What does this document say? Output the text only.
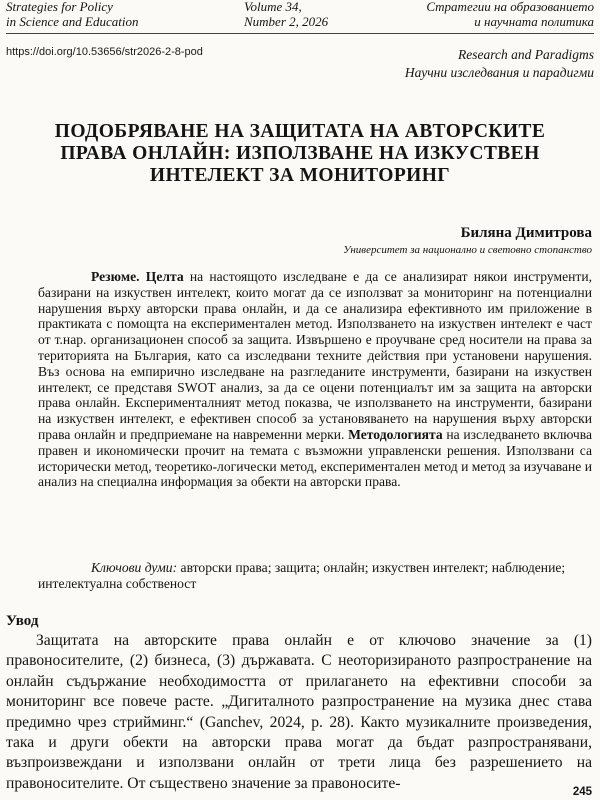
Strategies for Policy
in Science and Education
Volume 34,
Number 2, 2026
Стратегии на образованието
и научната политика
https://doi.org/10.53656/str2026-2-8-pod	Research and Paradigms
Научни изследвания и парадигми
ПОДОБРЯВАНЕ НА ЗАЩИТАТА НА АВТОРСКИТЕ ПРАВА ОНЛАЙН: ИЗПОЛЗВАНЕ НА ИЗКУСТВЕН ИНТЕЛЕКТ ЗА МОНИТОРИНГ
Биляна Димитрова
Университет за национално и световно стопанство

Резюме. Целта на настоящото изследване е да се анализират някои инструменти, базирани на изкуствен интелект, които могат да се използват за мониторинг на потенциални нарушения върху авторски права онлайн, и да се анализира ефективното им приложение в практиката с помощта на експериментален метод. Използването на изкуствен интелект е част от т.нар. организационен способ за защита. Извършено е проучване сред носители на права за територията на България, като са изследвани техните действия при установени нарушения. Въз основа на емпирично изследване на разгледаните инструменти, базирани на изкуствен интелект, се представя SWOT анализ, за да се оцени потенциалът им за защита на авторски права онлайн. Експерименталният метод показва, че използването на инструменти, базирани на изкуствен интелект, е ефективен способ за установяването на нарушения върху авторски права онлайн и предприемане на навременни мерки. Методологията на изследването включва правен и икономически прочит на темата с възможни управленски решения. Използвани са исторически метод, теоретико-логически метод, експериментален метод и метод за изучаване и анализ на специална информация за обекти на авторски права.

Ключови думи: авторски права; защита; онлайн; изкуствен интелект; наблюдение; интелектуална собственост

Увод

Защитата на авторските права онлайн е от ключово значение за (1) правоносителите, (2) бизнеса, (3) държавата. С неоторизираното разпространение на онлайн съдържание необходимостта от прилагането на ефективни способи за мониторинг все повече расте. „Дигиталното разпространение на музика днес става предимно чрез стрийминг.“ (Ganchev, 2024, p. 28). Както музикалните произведения, така и други обекти на авторски права могат да бъдат разпространявани, възпроизвеждани и използвани онлайн от трети лица без разрешението на правоносителите. От съществено значение за правоносите-

245
